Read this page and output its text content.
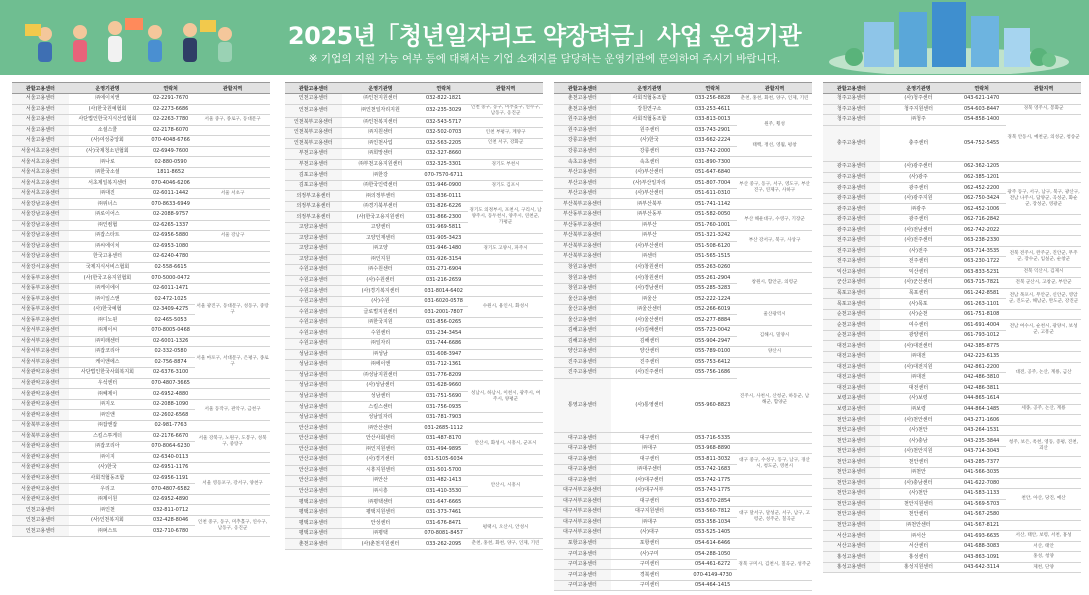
2025년「청년일자리도 약장려금」사업 운영기관
※ 기업의 지원 가능 여부 등에 대해서는 기업 소재지를 담당하는 운영기관에 문의하여 주시기 바랍니다.
관할고용센터	운영기관명	연락처	관할지역
서울고용센터	㈜에이치앤	02-2291-7670	
서울고용센터	(사)한국원예협회	02-2273-6686	
서울고용센터	사단법인한국지식산업협회	02-2263-7780	서울 중구, 종로구, 동대문구
서울고용센터	소셜스쿨	02-2178-6070	
서울고용센터	(사)여성중앙회	070-4048-6766	
서울서초고용센터	(사)국제청소년협회	02-6949-7600	
서울서초고용센터	㈜나로	02-880-0590	
서울서초고용센터	㈜한국소셜	1811-8652	
서울서초고용센터	서초제일복지센터	070-4046-6206	
서울서초고용센터	㈜대진	02-6011-1442	서울 서초구
서울강남고용센터	㈜위너스	070-8633-6949	
서울강남고용센터	㈜로이어스	02-2088-9757	
서울강남고용센터	㈜인컴협	02-6265-1337	
서울강남고용센터	㈜잡스타트	02-6956-5880	서울 강남구
서울강남고용센터	㈜씨에이치	02-6953-1080	
서울강남고용센터	한국고용센터	02-6240-4780	
서울강서고용센터	국제지식서비스협회	02-558-6615	
서울동부고용센터	(사)한국고용지원협회	070-5000-0472	
서울동부고용센터	㈜케이에이	02-6011-1471	
서울동부고용센터	㈜이일스앤	02-472-1025	서울 광진구, 동대문구, 성동구, 중랑구
서울동부고용센터	(사)한국예협	02-3409-4275	
서울동부고용센터	㈜디노윈	02-465-5053	
서울서부고용센터	㈜제이씨	070-8005-0468	
서울서부고용센터	㈜미래센터	02-6001-1326	
서울서부고용센터	㈜잡코리아	02-332-0580	서울 마포구, 서대문구, 은평구, 종로구
서울서부고용센터	케이앤에스	02-756-8874	
서울관악고용센터	사단법인한국사회복지회	02-6376-3100	
서울관악고용센터	우석엔터	070-4807-3665	
서울관악고용센터	㈜쎄제이	02-6952-4880	
서울관악고용센터	㈜지오	02-2088-1090	서울 동작구, 관악구, 금천구
서울관악고용센터	㈜인앤	02-2602-6568	
서울북부고용센터	㈜잡앤잡	02-981-7763	
서울북부고용센터	스킬스투게더	02-2176-6670	서울 강북구, 노원구, 도봉구, 성북구, 중랑구
서울관악고용센터	㈜잡코리아	070-8064-6230	
서울관악고용센터	㈜이지	02-6340-0113	
서울관악고용센터	(사)한국	02-6951-1176	
서울관악고용센터	사회적협동조합	02-6956-1191	서울 영등포구, 강서구, 양천구
서울관악고용센터	우리고	070-4807-6582	
서울관악고용센터	㈜제이원	02-6952-4890	
인천고용센터	㈜인천	032-811-0712	
인천고용센터	(사)인천복지회	032-428-8046	인천 중구, 동구, 미추홀구, 연수구, 남동구, 옹진군
인천고용센터	㈜퍼스트	032-710-6780	
관할고용센터	운영기관명	연락처	관할지역
인천고용센터	㈜인천지원센터	032-822-1821	
인천고용센터	㈜인천일자리지원	032-235-3029	인천 중구, 동구, 미추홀구, 연수구, 남동구, 옹진군
인천북부고용센터	㈜인천복지센터	032-543-5717	
인천북부고용센터	㈜지원센터	032-502-0703	인천 부평구, 계양구
인천북부고용센터	㈜인천사업	032-563-2205	인천 서구, 강화군
부천고용센터	㈜희망센터	032-327-8660	
부천고용센터	㈜부천고용지원센터	032-325-3301	경기도 부천시
김포고용센터	㈜한강	070-7570-6711	
김포고용센터	㈜한국인력센터	031-946-0900	경기도 김포시
의정부고용센터	㈜의정부센터	031-836-0111	
의정부고용센터	㈜경기북부센터	031-826-6226	경기도 의정부시, 포천시, 구리시, 남양주시, 동두천시, 양주시, 연천군, 가평군
의정부고용센터	(사)한국고용지원센터	031-866-2300	
고양고용센터	고양센터	031-969-5811	
고양고용센터	고양인재센터	031-905-3423	
고양고용센터	㈜고양	031-946-1480	경기도 고양시, 파주시
고양고용센터	㈜인지원	031-926-3154	
수원고용센터	㈜수원센터	031-271-6904	
수원고용센터	(사)수원센터	031-216-2659	
수원고용센터	(사)경기복지센터	031-8014-6402	
수원고용센터	(사)수원	031-6020-0578	수원시, 용인시, 화성시
수원고용센터	글로벌지원센터	031-2001-7807	
수원고용센터	㈜한국지원	031-856-0265	
수원고용센터	수원센터	031-234-3454	
수원고용센터	㈜일자리	031-744-6686	
성남고용센터	㈜성남	031-608-3947	
성남고용센터	㈜에이앤	031-712-1361	
성남고용센터	㈜성남지원센터	031-776-8209	
성남고용센터	(사)성남센터	031-628-9660	성남시, 하남시, 이천시, 광주시, 여주시, 양평군
성남고용센터	성남센터	031-751-5690	
성남고용센터	스킬스센터	031-756-0935	
성남고용센터	성남일자리	031-781-7903	
안산고용센터	㈜안산센터	031-2685-1112	
안산고용센터	안산사회센터	031-487-8170	안산시, 화성시, 시흥시, 군포시
안산고용센터	㈜인지원센터	031-494-9895	
안산고용센터	(사)경기센터	031-5105-6034	
안산고용센터	시흥지원센터	031-501-5700	
안산고용센터	㈜안산	031-482-1413	안산시, 시흥시
안산고용센터	㈜시흥	031-410-3530	
평택고용센터	㈜평택센터	031-647-6665	
평택고용센터	평택지원센터	031-373-7461	
평택고용센터	안성센터	031-676-8471	평택시, 오산시, 안성시
평택고용센터	㈜평택	070-8081-8457	
춘천고용센터	(사)춘천지원센터	033-262-2095	춘천, 홍천, 화천, 양구, 인제, 기린
관할고용센터	운영기관명	연락처	관할지역	
춘천고용센터	사회적협동조합	033-256-8828	춘천, 홍천, 화천, 양구, 인제, 기린	
춘천고용센터	강원연구소	033-253-4611		
원주고용센터	사회적협동조합	033-813-0013	원주, 횡성	
원주고용센터	원주센터	033-743-2901		
강릉고용센터	(사)한국	033-662-2224	태백, 정선, 영월, 평창	
강릉고용센터	강릉센터	033-742-2000		
속초고용센터	속초센터	031-890-7300		
부산고용센터	(사)부산센터	051-647-6840		
부산고용센터	(사)부산일자리	051-807-7004	부산 중구, 동구, 서구, 영도구, 부산진구, 연제구, 사하구	
부산고용센터	(사)부산센터	051-611-0310		
부산북부고용센터	㈜부산북부	051-741-1142		
부산동부고용센터	㈜부산동부	051-582-0050	부산 해운대구, 수영구, 기장군	
부산동부고용센터	㈜부산	051-760-1001		
부산북부고용센터	㈜부산	051-321-3242	부산 강서구, 북구, 사상구	
부산북부고용센터	(사)부산센터	051-508-6120		
부산북부고용센터	㈜센터	051-565-1515		
창원고용센터	(사)창원센터	055-263-0260		
창원고용센터	(사)창원센터	055-261-2904	창원시, 함안군, 의령군	
창원고용센터	(사)경남센터	055-285-3283		
울산고용센터	㈜울산	052-222-1224		
울산고용센터	㈜울산센터	052-266-6019	울산광역시	
울산고용센터	(사)울산센터	052-277-8884		
김해고용센터	(사)김해센터	055-723-0042	김해시, 밀양시	
김해고용센터	김해센터	055-904-2947		
양산고용센터	양산센터	055-789-0100	양산시	
진주고용센터	진주센터	055-753-6412		
진주고용센터	(사)진주센터	055-756-1686	진주시, 사천시, 산청군, 하동군, 남해군, 함양군	
통영고용센터	(사)통영센터	055-960-8823	
대구고용센터	대구센터	053-716-5335		
대구고용센터	㈜대구	053-968-8890		
대구고용센터	대구센터	053-811-3032	대구 중구, 수성구, 동구, 남구, 경산시, 청도군, 영천시	
대구고용센터	㈜대구센터	053-742-1683		
대구고용센터	(사)대구센터	053-742-1775		
대구서부고용센터	(사)대구서부	053-743-1775		
대구서부고용센터	대구센터	053-670-2854		
대구서부고용센터	대구지원센터	053-560-7812	대구 달서구, 달성군, 서구, 남구, 고령군, 성주군, 칠곡군	
대구서부고용센터	㈜대구	053-358-1034		
대구서부고용센터	(사)대구	053-525-1405		
포항고용센터	포항센터	054-614-6466		
구미고용센터	(사)구미	054-288-1050	경북 구미시, 김천시, 칠곡군, 성주군	
구미고용센터	구미센터	054-461-6272		
구미고용센터	경북센터	070-4149-4730		
구미고용센터	구미센터	054-464-1415		
관할고용센터	운영기관명	연락처	관할지역	
청주고용센터	(사)청주센터	043-621-1470		
청주고용센터	청주지원센터	054-603-8447	경북 영주시, 봉화군	
청주고용센터	㈜청주	054-858-1400	경북 안동시, 예천군, 의성군, 청송군	
충주고용센터	충주센터	054-752-5455	
광주고용센터	(사)광주센터	062-362-1205		
광주고용센터	(사)광주	062-385-1201		
광주고용센터	광주센터	062-452-2200	광주 동구, 서구, 남구, 북구, 광산구, 전남 나주시, 담양군, 곡성군, 화순군, 장성군, 영광군	
광주고용센터	(사)광주지원	062-750-3424		
광주고용센터	㈜광주	062-452-1006		
광주고용센터	광주센터	062-716-2842		
광주고용센터	(사)전남센터	062-742-2022		
전주고용센터	(사)전주센터	063-238-2330		
전주고용센터	(사)전주	063-714-3535	전북 전주시, 완주군, 진안군, 무주군, 장수군, 임실군, 순창군	
전주고용센터	전주센터	063-230-1722		
익산고용센터	익산센터	063-833-5231	전북 익산시, 김제시	
군산고용센터	(사)군산센터	063-715-7821	전북 군산시, 고창군, 부안군	
목포고용센터	목포센터	061-242-8581	전남 목포시, 무안군, 신안군, 영암군, 진도군, 해남군, 완도군, 강진군	
목포고용센터	(사)목포	061-263-1101		
순천고용센터	(사)순천	061-751-8108		
순천고용센터	여수센터	061-691-4004	전남 여수시, 순천시, 광양시, 보성군, 고흥군	
순천고용센터	광양센터	061-793-1012		
대전고용센터	(사)대전센터	042-385-8775		
대전고용센터	㈜대전	042-223-6135		
대전고용센터	(사)대전지원	042-861-2200	대전, 공주, 논산, 계룡, 금산	
대전고용센터	㈜대전	042-486-3810		
대전고용센터	대전센터	042-486-3811		
보령고용센터	(사)보령	044-865-1614		
보령고용센터	㈜보령	044-864-1485	세종, 공주, 논산, 계룡	
천안고용센터	(사)천안센터	043-271-1606		
천안고용센터	(사)천안	043-264-1531		
천안고용센터	(사)충남	043-235-3844	청주, 보은, 옥천, 영동, 증평, 진천, 괴산	
천안고용센터	(사)천안지원	043-714-3043		
천안고용센터	천안센터	043-285-7377		
천안고용센터	㈜천안	041-566-3035		
천안고용센터	(사)충남센터	041-622-7080		
천안고용센터	(사)천안	041-583-1133	천안, 아산, 당진, 예산	
천안고용센터	천안지원센터	041-569-5703		
천안고용센터	천안센터	041-567-2580		
천안고용센터	㈜천안센터	041-567-8121		
서산고용센터	㈜서산	041-693-6635	서산, 태안, 보령, 서천, 홍성	
서산고용센터	서산센터	041-688-3083	서산, 태안	
홍성고용센터	홍성센터	043-863-1091	홍성, 청양	
홍성고용센터	홍성지원센터	043-642-3114	제천, 단양	
